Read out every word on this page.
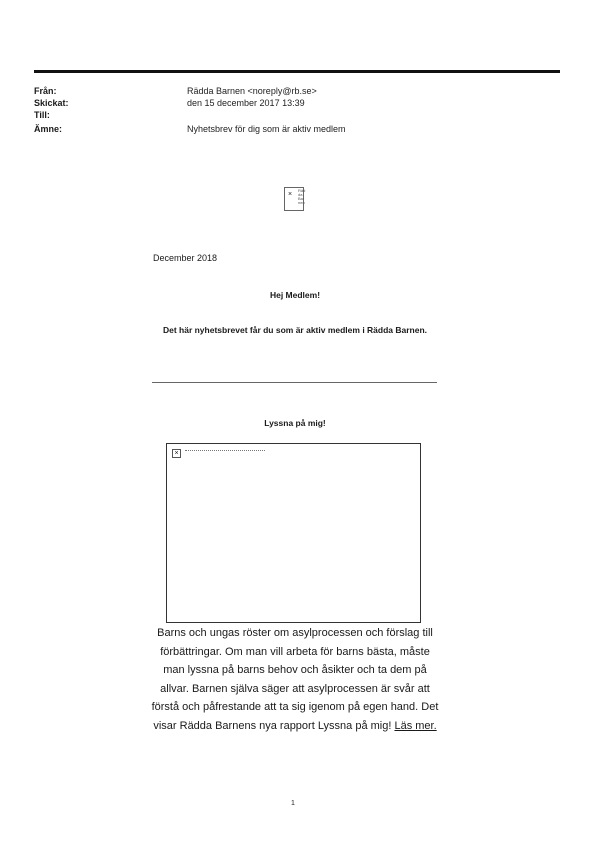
Från:	Rädda Barnen <noreply@rb.se>
Skickat:	den 15 december 2017 13:39
Till:
Ämne:	Nyhetsbrev för dig som är aktiv medlem
×
Rädda Barnen
December 2018
Hej Medlem!
Det här nyhetsbrevet får du som är aktiv medlem i Rädda Barnen.
Lyssna på mig!
×
Barns och ungas röster om asylprocessen och förslag till förbättringar. Om man vill arbeta för barns bästa, måste man lyssna på barns behov och åsikter och ta dem på allvar. Barnen själva säger att asylprocessen är svår att förstå och påfrestande att ta sig igenom på egen hand. Det visar Rädda Barnens nya rapport Lyssna på mig! Läs mer.
1
